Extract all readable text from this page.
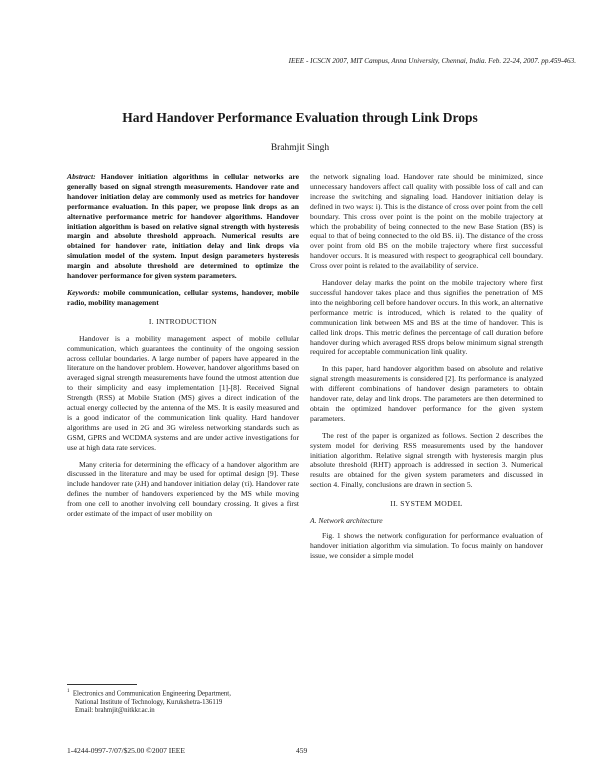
IEEE - ICSCN 2007, MIT Campus, Anna University, Chennai, India. Feb. 22-24, 2007. pp.459-463.
Hard Handover Performance Evaluation through Link Drops
Brahmjit Singh

Abstract: Handover initiation algorithms in cellular networks are generally based on signal strength measurements. Handover rate and handover initiation delay are commonly used as metrics for handover performance evaluation. In this paper, we propose link drops as an alternative performance metric for handover algorithms. Handover initiation algorithm is based on relative signal strength with hysteresis margin and absolute threshold approach. Numerical results are obtained for handover rate, initiation delay and link drops via simulation model of the system. Input design parameters hysteresis margin and absolute threshold are determined to optimize the handover performance for given system parameters.

Keywords: mobile communication, cellular systems, handover, mobile radio, mobility management

I. INTRODUCTION

Handover is a mobility management aspect of mobile cellular communication, which guarantees the continuity of the ongoing session across cellular boundaries. A large number of papers have appeared in the literature on the handover problem. However, handover algorithms based on averaged signal strength measurements have found the utmost attention due to their simplicity and easy implementation [1]-[8]. Received Signal Strength (RSS) at Mobile Station (MS) gives a direct indication of the actual energy collected by the antenna of the MS. It is easily measured and is a good indicator of the communication link quality. Hard handover algorithms are used in 2G and 3G wireless networking standards such as GSM, GPRS and WCDMA systems and are under active investigations for use at high data rate services.

Many criteria for determining the efficacy of a handover algorithm are discussed in the literature and may be used for optimal design [9]. These include handover rate (λH) and handover initiation delay (τi). Handover rate defines the number of handovers experienced by the MS while moving from one cell to another involving cell boundary crossing. It gives a first order estimate of the impact of user mobility on

the network signaling load. Handover rate should be minimized, since unnecessary handovers affect call quality with possible loss of call and can increase the switching and signaling load. Handover initiation delay is defined in two ways: i). This is the distance of cross over point from the cell boundary. This cross over point is the point on the mobile trajectory at which the probability of being connected to the new Base Station (BS) is equal to that of being connected to the old BS. ii). The distance of the cross over point from old BS on the mobile trajectory where first successful handover occurs. It is measured with respect to geographical cell boundary. Cross over point is related to the availability of service.

Handover delay marks the point on the mobile trajectory where first successful handover takes place and thus signifies the penetration of MS into the neighboring cell before handover occurs. In this work, an alternative performance metric is introduced, which is related to the quality of communication link between MS and BS at the time of handover. This is called link drops. This metric defines the percentage of call duration before handover during which averaged RSS drops below minimum signal strength required for acceptable communication link quality.

In this paper, hard handover algorithm based on absolute and relative signal strength measurements is considered [2]. Its performance is analyzed with different combinations of handover design parameters to obtain handover rate, delay and link drops. The parameters are then determined to obtain the optimized handover performance for the given system parameters.

The rest of the paper is organized as follows. Section 2 describes the system model for deriving RSS measurements used by the handover initiation algorithm. Relative signal strength with hysteresis margin plus absolute threshold (RHT) approach is addressed in section 3. Numerical results are obtained for the given system parameters and discussed in section 4. Finally, conclusions are drawn in section 5.

II. SYSTEM MODEL
A. Network architecture

Fig. 1 shows the network configuration for performance evaluation of handover initiation algorithm via simulation. To focus mainly on handover issue, we consider a simple model

$^1$ Electronics and Communication Engineering Department,
National Institute of Technology, Kurukshetra-136119
Email: brahmjit@nitkkr.ac.in
1-4244-0997-7/07/$25.00 ©2007 IEEE	459
